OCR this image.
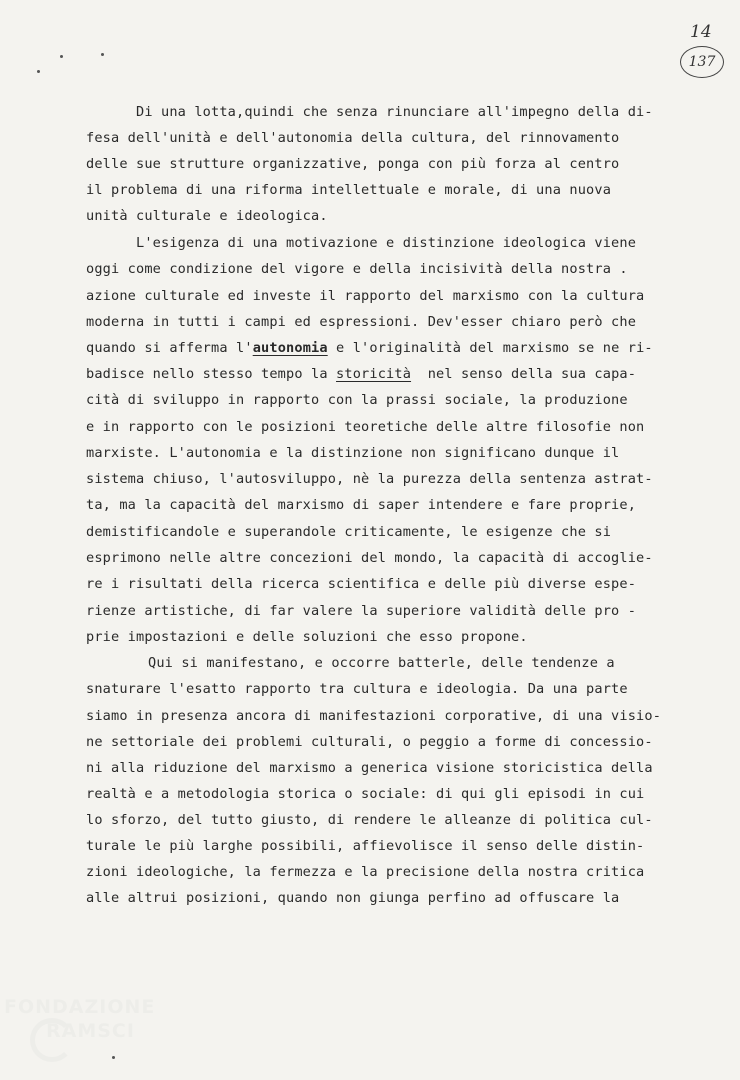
14
137
Di una lotta,quindi che senza rinunciare all'impegno della di-
fesa dell'unità e dell'autonomia della cultura, del rinnovamento
delle sue strutture organizzative, ponga con più forza al centro
il problema di una riforma intellettuale e morale, di una nuova
unità culturale e ideologica.
L'esigenza di una motivazione e distinzione ideologica viene
oggi come condizione del vigore e della incisività della nostra .
azione culturale ed investe il rapporto del marxismo con la cultura
moderna in tutti i campi ed espressioni. Dev'esser chiaro però che
quando si afferma l'autonomia e l'originalità del marxismo se ne ri-
badisce nello stesso tempo la storicità  nel senso della sua capa-
cità di sviluppo in rapporto con la prassi sociale, la produzione
e in rapporto con le posizioni teoretiche delle altre filosofie non
marxiste. L'autonomia e la distinzione non significano dunque il
sistema chiuso, l'autosviluppo, nè la purezza della sentenza astrat-
ta, ma la capacità del marxismo di saper intendere e fare proprie,
demistificandole e superandole criticamente, le esigenze che si
esprimono nelle altre concezioni del mondo, la capacità di accoglie-
re i risultati della ricerca scientifica e delle più diverse espe-
rienze artistiche, di far valere la superiore validità delle pro -
prie impostazioni e delle soluzioni che esso propone.
Qui si manifestano, e occorre batterle, delle tendenze a
snaturare l'esatto rapporto tra cultura e ideologia. Da una parte
siamo in presenza ancora di manifestazioni corporative, di una visio-
ne settoriale dei problemi culturali, o peggio a forme di concessio-
ni alla riduzione del marxismo a generica visione storicistica della
realtà e a metodologia storica o sociale: di qui gli episodi in cui
lo sforzo, del tutto giusto, di rendere le alleanze di politica cul-
turale le più larghe possibili, affievolisce il senso delle distin-
zioni ideologiche, la fermezza e la precisione della nostra critica
alle altrui posizioni, quando non giunga perfino ad offuscare la
FONDAZIONE
RAMSCI
